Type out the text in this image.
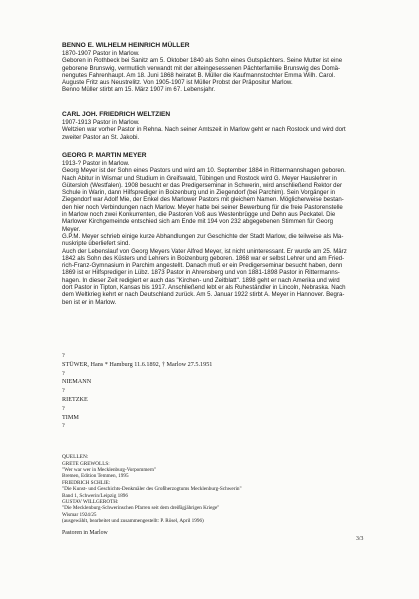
BENNO E. WILHELM HEINRICH MÜLLER

1870-1907 Pastor in Marlow.

Geboren in Rothbeck bei Sanitz am 5. Oktober 1840 als Sohn eines Gutspächters. Seine Mutter ist eine
geborene Brunswig, vermutlich verwandt mit der alteingesessenen Pächterfamilie Brunswig des Domä-
nengutes Fahrenhaupt. Am 18. Juni 1868 heiratet B. Müller die Kaufmannstochter Emma Wilh. Carol.
Auguste Fritz aus Neustrelitz. Von 1905-1907 ist Müller Probst der Präpositur Marlow.
Benno Müller stirbt am 15. März 1907 im 67. Lebensjahr.

CARL JOH. FRIEDRICH WELTZIEN

1907-1913 Pastor in Marlow.

Weltzien war vorher Pastor in Rehna. Nach seiner Amtszeit in Marlow geht er nach Rostock und wird dort
zweiter Pastor an St. Jakobi.

GEORG P. MARTIN MEYER

1913-? Pastor in Marlow.

Georg Meyer ist der Sohn eines Pastors und wird am 10. September 1884 in Rittermannshagen geboren.
Nach Abitur in Wismar und Studium in Greifswald, Tübingen und Rostock wird G. Meyer Hauslehrer in
Gütersloh (Westfalen). 1908 besucht er das Predigerseminar in Schwerin, wird anschließend Rektor der
Schule in Warin, dann Hilfsprediger in Boizenburg und in Ziegendorf (bei Parchim). Sein Vorgänger in
Ziegendorf war Adolf Mie, der Enkel des Marlower Pastors mit gleichem Namen. Möglicherweise bestan-
den hier noch Verbindungen nach Marlow. Meyer hatte bei seiner Bewerbung für die freie Pastorenstelle
in Marlow noch zwei Konkurrenten, die Pastoren Voß aus Westenbrügge und Dehn aus Peckatel. Die
Marlower Kirchgemeinde entschied sich am Ende mit 194 von 232 abgegebenen Stimmen für Georg
Meyer.
G.P.M. Meyer schrieb einige kurze Abhandlungen zur Geschichte der Stadt Marlow, die teilweise als Ma-
nuskripte überliefert sind.
Auch der Lebenslauf von Georg Meyers Vater Alfred Meyer, ist nicht uninteressant. Er wurde am 25. März
1842 als Sohn des Küsters und Lehrers in Boizenburg geboren. 1868 war er selbst Lehrer und am Fried-
rich-Franz-Gymnasium in Parchim angestellt. Danach muß er ein Predigerseminar besucht haben, denn
1869 ist er Hilfsprediger in Lübz. 1873 Pastor in Ahrensberg und von 1881-1898 Pastor in Rittermanns-
hagen. In dieser Zeit redigiert er auch das "Kirchen- und Zeitblatt". 1898 geht er nach Amerika und wird
dort Pastor in Tipton, Kansas bis 1917. Anschließend lebt er als Ruheständler in Lincoln, Nebraska. Nach
dem Weltkrieg kehrt er nach Deutschland zurück. Am 5. Januar 1922 stirbt A. Meyer in Hannover. Begra-
ben ist er in Marlow.

?

STÜWER, Hans * Hamburg 11.6.1892, † Marlow 27.5.1951

?

NIEMANN

?

RIETZKE

?

TIMM

?

QUELLEN:

GRETE GREWOLLS:

"Wer war wer in Mecklenburg-Vorpommern"

Bremen, Edition Temmen, 1995

FRIEDRICH SCHLIE:

"Die Kunst- und Geschichts-Denkmäler des Großherzogtums Mecklenburg-Schwerin"

Band 1, Schwerin/Leipzig 1896

GUSTAV WILLGEROTH:

"Die Mecklenburg-Schwerinschen Pfarren seit dem dreißigjährigen Kriege"

Wismar 1924/25

(ausgewählt, bearbeitet und zusammengestellt: P. Rösel, April 1996)

Pastoren in Marlow
3/3
